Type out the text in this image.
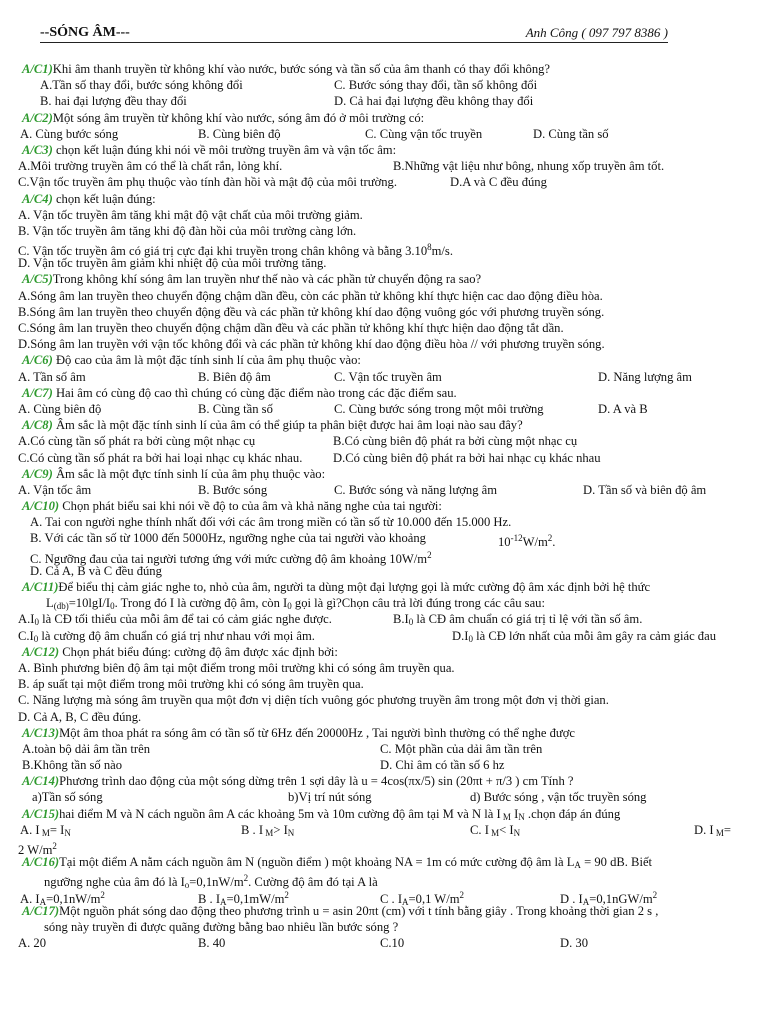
--SÓNG ÂM---	Anh Công ( 097 797 8386 )
A/C1)Khi âm thanh truyền từ không khí vào nước, bước sóng và tần số của âm thanh có thay đổi không?
A.Tần số thay đổi, bước sóng không đổi	C. Bước sóng thay đổi, tần số không đổi
B. hai đại lượng đều thay đổi	D. Cả hai đại lượng đều không thay đổi
A/C2)Một sóng âm truyền từ không khí vào nước, sóng âm đó ở môi trường có:
A. Cùng bước sóng	B. Cùng biên độ	C. Cùng vận tốc truyền	D. Cùng tần số
A/C3) chọn kết luận đúng khi nói về môi trường truyền âm và vận tốc âm:
A.Môi trường truyền âm có thể là chất rắn, lỏng khí.	B.Những vật liệu như bông, nhung xốp truyền âm tốt.
C.Vận tốc truyền âm phụ thuộc vào tính đàn hồi và mật độ của môi trường.	D.A và C đều đúng
A/C4) chọn kết luận đúng:
A. Vận tốc truyền âm tăng khi mật độ vật chất của môi trường giảm.
B. Vận tốc truyền âm tăng khi độ đàn hồi của môi trường càng lớn.
C. Vận tốc truyền âm có giá trị cực đại khi truyền trong chân không và bằng 3.10$^8$m/s.
D. Vận tốc truyền âm giảm khi nhiệt độ của môi trường tăng.
A/C5)Trong không khí sóng âm lan truyền như thế nào và các phần tử chuyển động ra sao?
A.Sóng âm lan truyền theo chuyển động chậm dần đều, còn các phần tử không khí thực hiện cac dao động điều hòa.
B.Sóng âm lan truyền theo chuyển động đều và các phần tử không khí dao động vuông góc với phương truyền sóng.
C.Sóng âm lan truyền theo chuyển động chậm dần đều và các phần tử không khí thực hiện dao động tắt dần.
D.Sóng âm lan truyền với vận tốc không đổi và các phần tử không khí dao động điều hòa // với phương truyền sóng.
A/C6) Độ cao của âm là một đặc tính sinh lí của âm phụ thuộc vào:
A. Tần số âm	B. Biên độ âm	C. Vận tốc truyền âm	D. Năng lượng âm
A/C7) Hai âm có cùng độ cao thì chúng có cùng đặc điểm nào trong các đặc điểm sau.
A. Cùng biên độ	B. Cùng tần số	C. Cùng bước sóng trong một môi trường	D. A và B
A/C8) Âm sắc là một đặc tính sinh lí của âm có thể giúp ta phân biệt được hai âm loại nào sau đây?
A.Có cùng tần số phát ra bởi cùng một nhạc cụ	B.Có cùng biên độ phát ra bởi cùng một nhạc cụ
C.Có cùng tần số phát ra bởi hai loại nhạc cụ khác nhau. D.Có cùng biên độ phát ra bởi hai nhạc cụ khác nhau
A/C9) Âm sắc là một đực tính sinh lí của âm phụ thuộc vào:
A. Vận tốc âm	B. Bước sóng	C. Bước sóng và năng lượng âm	D. Tần số và biên độ âm
A/C10) Chọn phát biểu sai khi nói về độ to của âm và khả năng nghe của tai người:
A. Tai con người nghe thính nhất đối với các âm trong miền có tần số từ 10.000 đến 15.000 Hz.
B. Với các tần số từ 1000 đến 5000Hz, ngưỡng nghe của tai người vào khoảng	$10^{-12}W/m^2$.
C. Ngưỡng đau của tai người tương ứng với mức cường độ âm khoảng $10W/m^2$
D. Cả A, B và C đều đúng
A/C11)Để biểu thị cảm giác nghe to, nhỏ của âm, người ta dùng một đại lượng gọi là mức cường độ âm xác định bởi hệ thức
$L_{(db)}=10\lg I/I_0$. Trong đó I là cường độ âm, còn $I_0$ gọi là gì?Chọn câu trả lời đúng trong các câu sau:
$A.I_0$ là CĐ tối thiểu của mỗi âm để tai có cảm giác nghe được.	$B.I_0$ là CĐ âm chuẩn có giá trị tỉ lệ với tần số âm.
$C.I_0$ là cường độ âm chuẩn có giá trị như nhau với mọi âm.	$D.I_0$ là CĐ lớn nhất của mỗi âm gây ra cảm giác đau
A/C12) Chọn phát biểu đúng: cường độ âm được xác định bởi:
A. Bình phương biên độ âm tại một điểm trong môi trường khi có sóng âm truyền qua.
B. áp suất tại một điểm trong môi trường khi có sóng âm truyền qua.
C. Năng lượng mà sóng âm truyền qua một đơn vị diện tích vuông góc phương truyền âm trong một đơn vị thời gian.
D. Cả A, B, C đều đúng.
A/C13)Một âm thoa phát ra sóng âm có tần số từ 6Hz đến 20000Hz , Tai người bình thường có thể nghe được
A.toàn bộ dải âm tần trên	C. Một phần của dải âm tần trên
B.Không tần số nào	D. Chỉ âm có tần số 6 hz
A/C14)Phương trình dao động của một sóng dừng trên 1 sợi dây là u = 4cos(πx/5) sin (20πt + π/3 ) cm Tính ?
a)Tần số sóng	b)Vị trí nút sóng	d) Bước sóng , vận tốc truyền sóng
A/C15)hai điểm M và N cách nguồn âm A các khoảng 5m và 10m cường độ âm tại M và N là I $_M$ $I_N$ .chọn đáp án đúng
A. I $_M= I_N$	B . I $_M> I_N$	C. I $_M< I_N$	D. I $_M$=
2 $W/m^2$
A/C16)Tại một điểm A nằm cách nguồn âm N (nguồn điểm ) một khoảng NA = 1m có mức cường độ âm là $L_A = 90$ dB. Biết
ngưỡng nghe của âm đó là $I_o=0,1nW/m^2$. Cường độ âm đó tại A là
A. $I_A=0,1nW/m^2$	B . $I_A=0,1mW/m^2$	C . $I_A=0,1$ $W/m^2$	D . $I_A=0,1nGW/m^2$
A/C17)Một nguồn phát sóng dao động theo phương trình u = asin 20πt (cm) với t tính bằng giây . Trong khoảng thời gian 2 s ,
sóng này truyền đi được quãng đường bằng bao nhiêu lần bước sóng ?
A. 20	B. 40	C.10	D. 30
